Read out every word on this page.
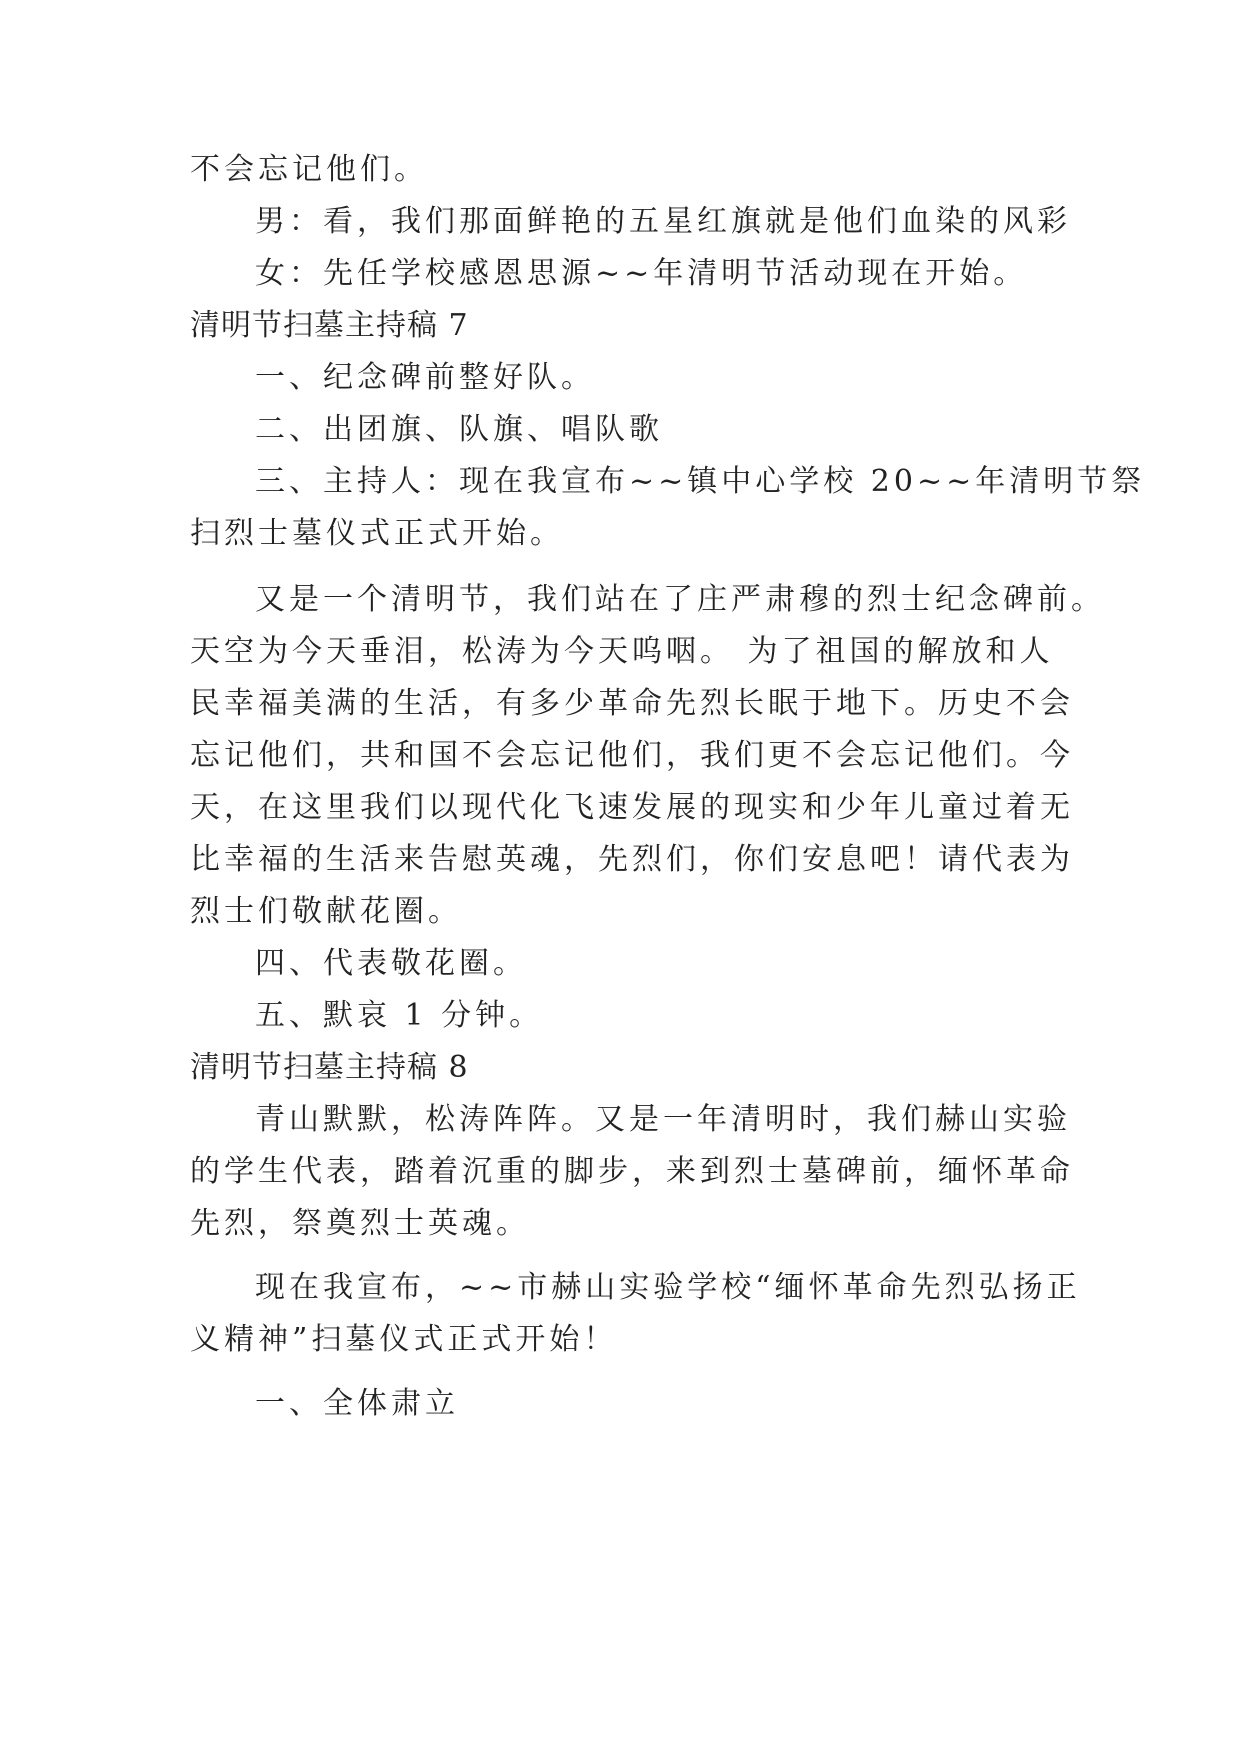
不会忘记他们。
男：看，我们那面鲜艳的五星红旗就是他们血染的风彩
女：先任学校感恩思源~~年清明节活动现在开始。
清明节扫墓主持稿 7
一、纪念碑前整好队。
二、出团旗、队旗、唱队歌
三、主持人：现在我宣布~~镇中心学校 20~~年清明节祭
扫烈士墓仪式正式开始。
又是一个清明节，我们站在了庄严肃穆的烈士纪念碑前。
天空为今天垂泪，松涛为今天呜咽。 为了祖国的解放和人
民幸福美满的生活，有多少革命先烈长眠于地下。历史不会
忘记他们，共和国不会忘记他们，我们更不会忘记他们。今
天，在这里我们以现代化飞速发展的现实和少年儿童过着无
比幸福的生活来告慰英魂，先烈们，你们安息吧！请代表为
烈士们敬献花圈。
四、代表敬花圈。
五、默哀 1 分钟。
清明节扫墓主持稿 8
青山默默，松涛阵阵。又是一年清明时，我们赫山实验
的学生代表，踏着沉重的脚步，来到烈士墓碑前，缅怀革命
先烈，祭奠烈士英魂。
现在我宣布，~~市赫山实验学校“缅怀革命先烈弘扬正
义精神”扫墓仪式正式开始！
一、全体肃立
